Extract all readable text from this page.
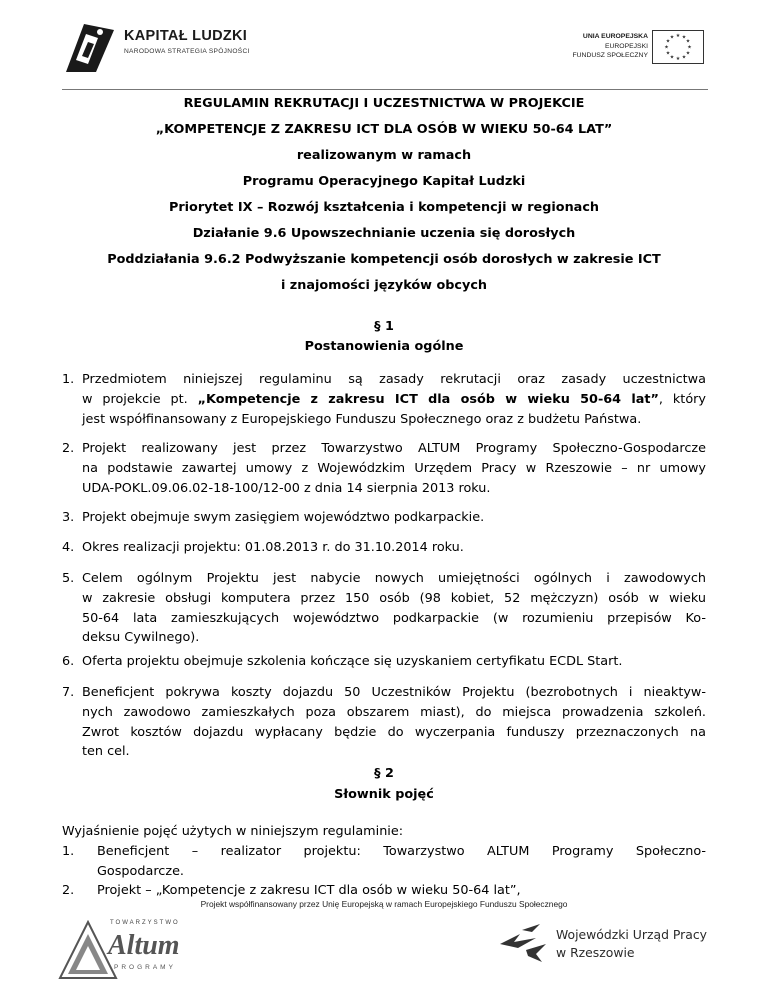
KAPITAŁ LUDZKI
NARODOWA STRATEGIA SPÓJNOŚCI
UNIA EUROPEJSKA
EUROPEJSKI
FUNDUSZ SPOŁECZNY
★ ★
★
★
★
★
★
★
★
★
★
★
REGULAMIN REKRUTACJI I UCZESTNICTWA W PROJEKCIE
„KOMPETENCJE Z ZAKRESU ICT DLA OSÓB W WIEKU 50-64 LAT”
realizowanym w ramach
Programu Operacyjnego Kapitał Ludzki
Priorytet IX – Rozwój kształcenia i kompetencji w regionach
Działanie 9.6 Upowszechnianie uczenia się dorosłych
Poddziałania 9.6.2 Podwyższanie kompetencji osób dorosłych w zakresie ICT
i znajomości języków obcych
§ 1
Postanowienia ogólne
1. Przedmiotem niniejszej regulaminu są zasady rekrutacji oraz zasady uczestnictwa
w projekcie pt. „Kompetencje z zakresu ICT dla osób w wieku 50-64 lat”, który
jest współfinansowany z Europejskiego Funduszu Społecznego oraz z budżetu Państwa.
2. Projekt realizowany jest przez Towarzystwo ALTUM Programy Społeczno-Gospodarcze
na podstawie zawartej umowy z Wojewódzkim Urzędem Pracy w Rzeszowie – nr umowy
UDA-POKL.09.06.02-18-100/12-00 z dnia 14 sierpnia 2013 roku.
3. Projekt obejmuje swym zasięgiem województwo podkarpackie.
4. Okres realizacji projektu: 01.08.2013 r. do 31.10.2014 roku.
5. Celem ogólnym Projektu jest nabycie nowych umiejętności ogólnych i zawodowych
w zakresie obsługi komputera przez 150 osób (98 kobiet, 52 mężczyzn) osób w wieku
50-64 lata zamieszkujących województwo podkarpackie (w rozumieniu przepisów Ko-
deksu Cywilnego).
6. Oferta projektu obejmuje szkolenia kończące się uzyskaniem certyfikatu ECDL Start.
7. Beneficjent pokrywa koszty dojazdu 50 Uczestników Projektu (bezrobotnych i nieaktyw-
nych zawodowo zamieszkałych poza obszarem miast), do miejsca prowadzenia szkoleń.
Zwrot kosztów dojazdu wypłacany będzie do wyczerpania funduszy przeznaczonych na
ten cel.
§ 2
Słownik pojęć
Wyjaśnienie pojęć użytych w niniejszym regulaminie:
1. Beneficjent – realizator projektu: Towarzystwo ALTUM Programy Społeczno-
Gospodarcze.
2. Projekt – „Kompetencje z zakresu ICT dla osób w wieku 50-64 lat”,
Projekt współfinansowany przez Unię Europejską w ramach Europejskiego Funduszu Społecznego
TOWARZYSTWO
Altum
PROGRAMY
Wojewódzki Urząd Pracy
w Rzeszowie
